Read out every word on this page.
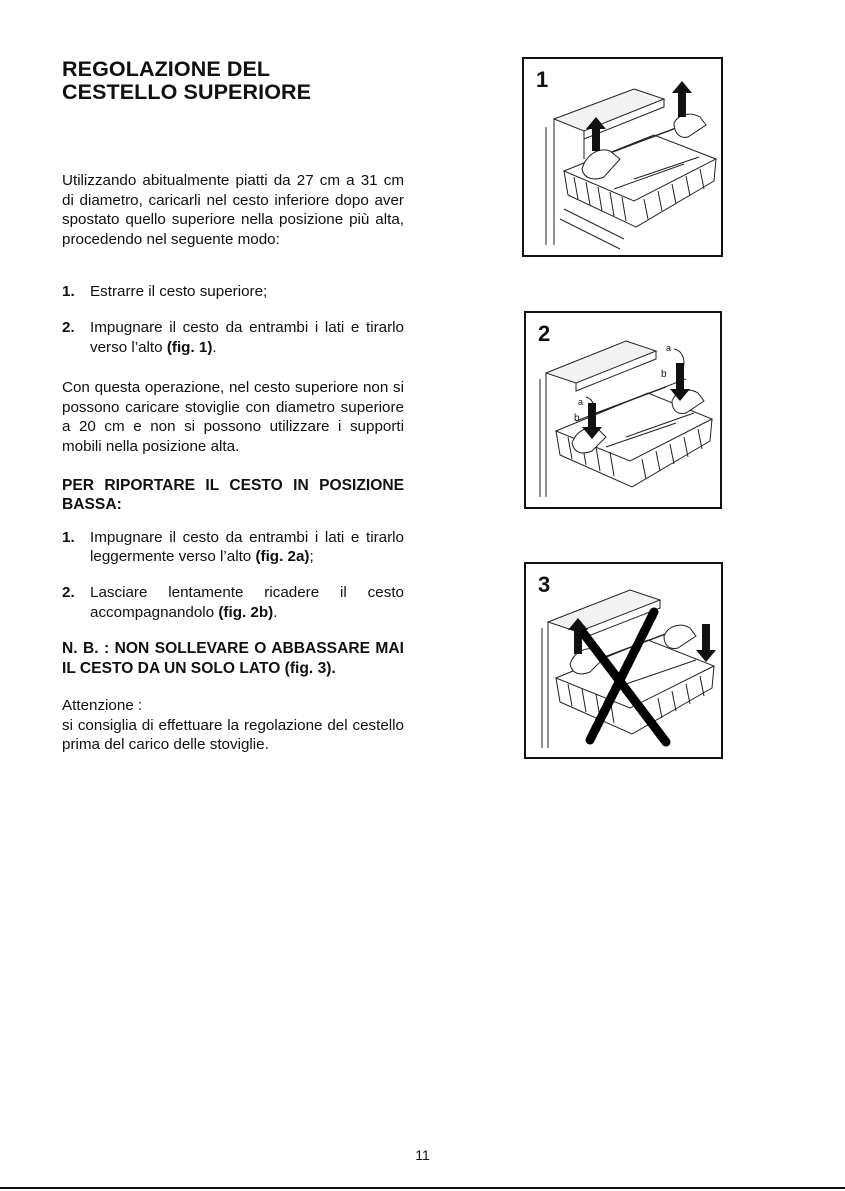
REGOLAZIONE DEL
CESTELLO SUPERIORE

Utilizzando abitualmente piatti da 27 cm a 31 cm di diametro, caricarli nel cesto inferiore dopo aver spostato quello superiore nella posizione più alta, procedendo nel seguente modo:

1. Estrarre il cesto superiore;
2. Impugnare il cesto da entrambi i lati e tirarlo verso l’alto (fig. 1).

Con questa operazione, nel cesto superiore non si possono caricare stoviglie con diametro superiore a 20 cm e non si possono utilizzare i supporti mobili nella posizione alta.

PER RIPORTARE IL CESTO IN POSIZIONE BASSA:
1. Impugnare il cesto da entrambi i lati e tirarlo leggermente verso l’alto (fig. 2a);
2. Lasciare lentamente ricadere il cesto accompagnandolo (fig. 2b).
N. B. : NON SOLLEVARE O ABBASSARE MAI IL CESTO DA UN SOLO LATO (fig. 3).
Attenzione :
si consiglia di effettuare la regolazione del cestello prima del carico delle stoviglie.
1
2
a
b
a
b
3
11
